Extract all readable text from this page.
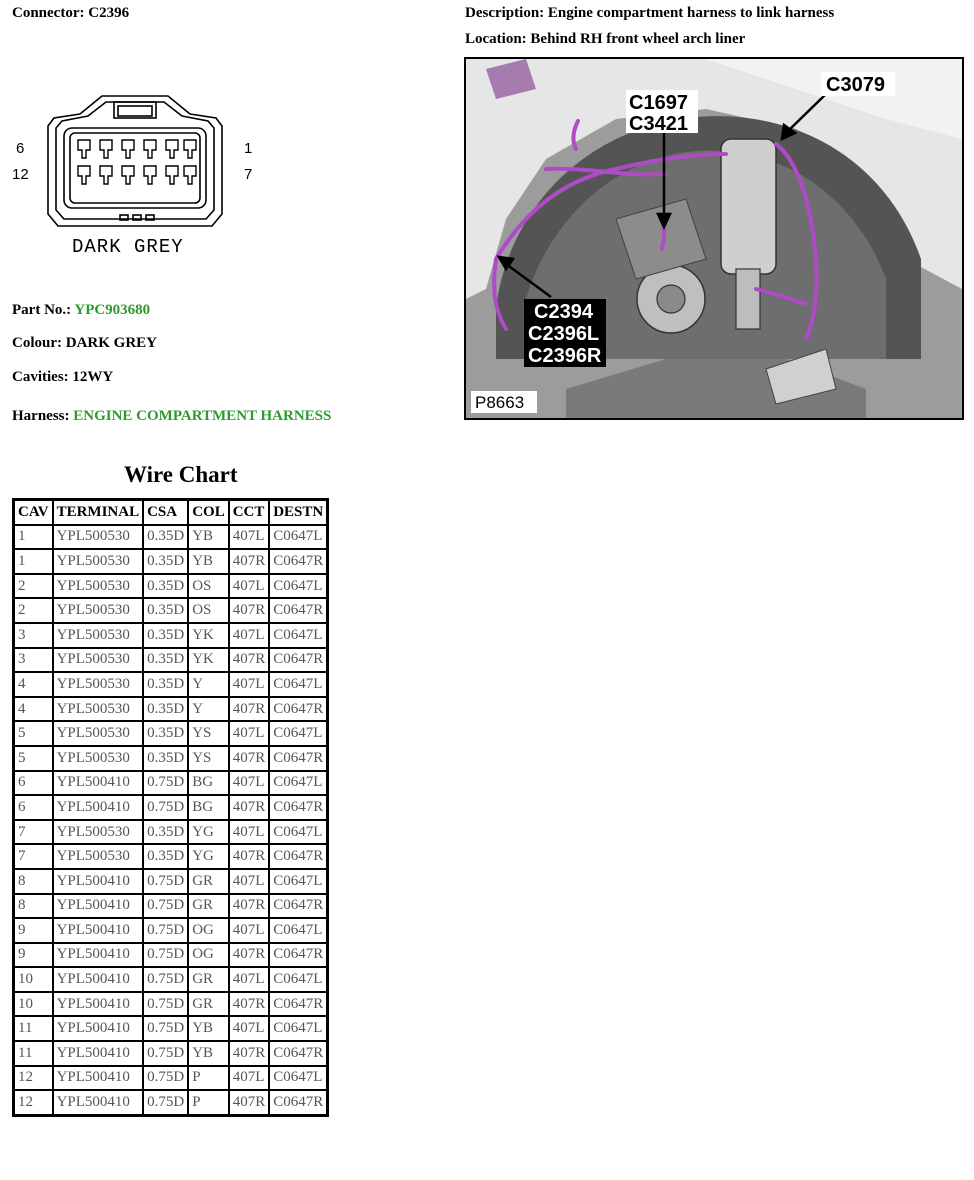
Connector: C2396	Description: Engine compartment harness to link harness
Location: Behind RH front wheel arch liner
6
12
1
7
DARK GREY
Part No.: YPC903680
Colour: DARK GREY
Cavities: 12WY
Harness: ENGINE COMPARTMENT HARNESS
C1697
C3421
C3079
C2394
C2396L
C2396R
P8663
Wire Chart
CAV	TERMINAL	CSA	COL	CCT	DESTN
1	YPL500530	0.35D	YB	407L	C0647L
1	YPL500530	0.35D	YB	407R	C0647R
2	YPL500530	0.35D	OS	407L	C0647L
2	YPL500530	0.35D	OS	407R	C0647R
3	YPL500530	0.35D	YK	407L	C0647L
3	YPL500530	0.35D	YK	407R	C0647R
4	YPL500530	0.35D	Y	407L	C0647L
4	YPL500530	0.35D	Y	407R	C0647R
5	YPL500530	0.35D	YS	407L	C0647L
5	YPL500530	0.35D	YS	407R	C0647R
6	YPL500410	0.75D	BG	407L	C0647L
6	YPL500410	0.75D	BG	407R	C0647R
7	YPL500530	0.35D	YG	407L	C0647L
7	YPL500530	0.35D	YG	407R	C0647R
8	YPL500410	0.75D	GR	407L	C0647L
8	YPL500410	0.75D	GR	407R	C0647R
9	YPL500410	0.75D	OG	407L	C0647L
9	YPL500410	0.75D	OG	407R	C0647R
10	YPL500410	0.75D	GR	407L	C0647L
10	YPL500410	0.75D	GR	407R	C0647R
11	YPL500410	0.75D	YB	407L	C0647L
11	YPL500410	0.75D	YB	407R	C0647R
12	YPL500410	0.75D	P	407L	C0647L
12	YPL500410	0.75D	P	407R	C0647R
